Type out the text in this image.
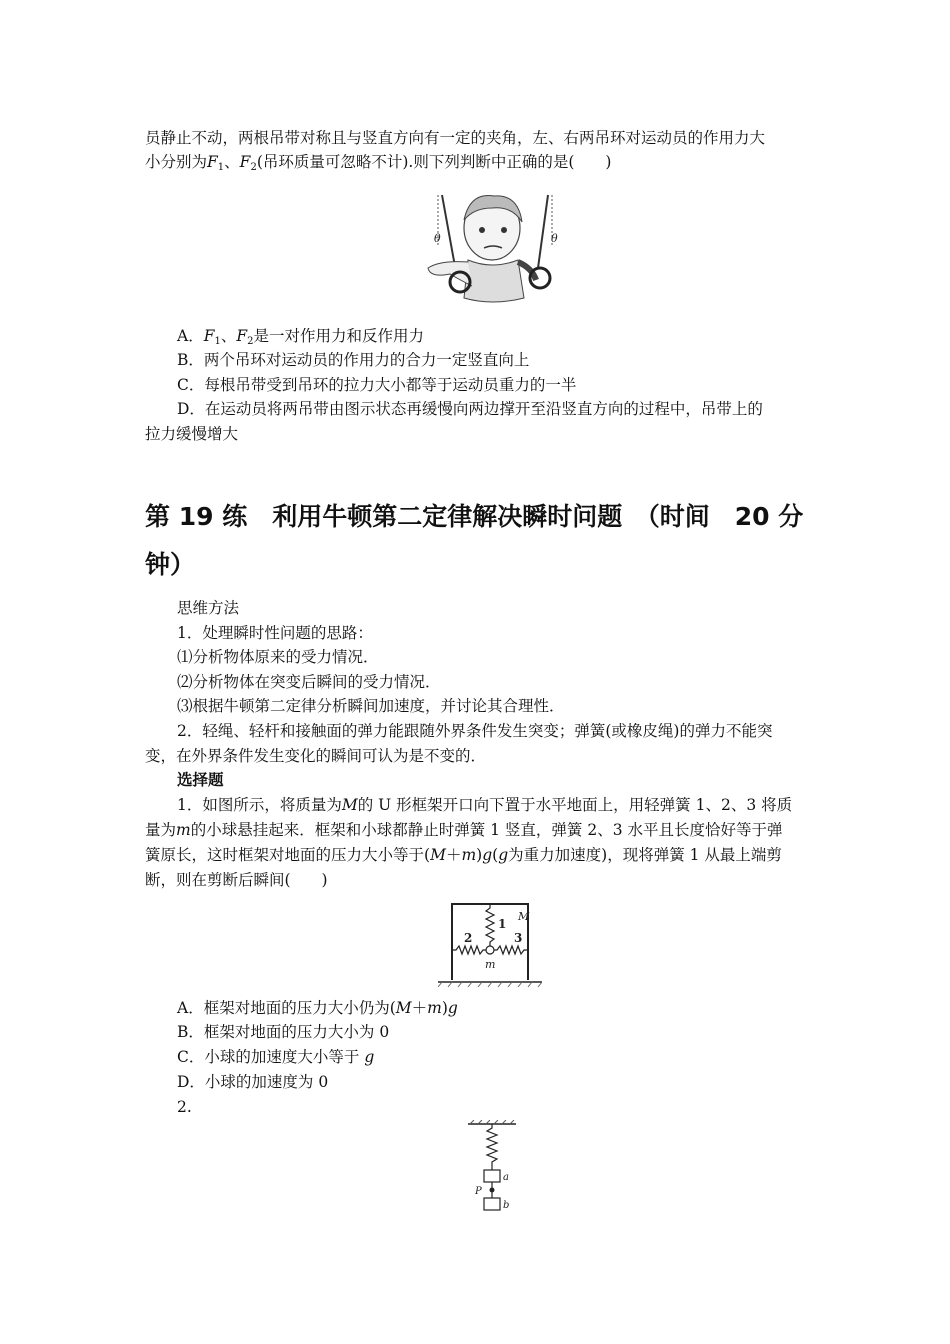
员静止不动，两根吊带对称且与竖直方向有一定的夹角，左、右两吊环对运动员的作用力大

小分别为$F_1$、$F_2$(吊环质量可忽略不计).则下列判断中正确的是(　　)

θ	θ

A．$F_1$、$F_2$是一对作用力和反作用力

B．两个吊环对运动员的作用力的合力一定竖直向上

C．每根吊带受到吊环的拉力大小都等于运动员重力的一半

D．在运动员将两吊带由图示状态再缓慢向两边撑开至沿竖直方向的过程中，吊带上的

拉力缓慢增大

第 19 练　利用牛顿第二定律解决瞬时问题　（时间　20 分

钟）

思维方法

1．处理瞬时性问题的思路：

⑴分析物体原来的受力情况．

⑵分析物体在突变后瞬间的受力情况．

⑶根据牛顿第二定律分析瞬间加速度，并讨论其合理性．

2．轻绳、轻杆和接触面的弹力能跟随外界条件发生突变；弹簧(或橡皮绳)的弹力不能突

变，在外界条件发生变化的瞬间可认为是不变的．

选择题

1．如图所示，将质量为M的 U 形框架开口向下置于水平地面上，用轻弹簧 1、2、3 将质

量为m的小球悬挂起来．框架和小球都静止时弹簧 1 竖直，弹簧 2、3 水平且长度恰好等于弹

簧原长，这时框架对地面的压力大小等于(M＋m)g(g为重力加速度)，现将弹簧 1 从最上端剪

断，则在剪断后瞬间(　　)

1
2	3
M
m

A．框架对地面的压力大小仍为(M＋m)g

B．框架对地面的压力大小为 0

C．小球的加速度大小等于 g

D．小球的加速度为 0

2.

a
b
P
